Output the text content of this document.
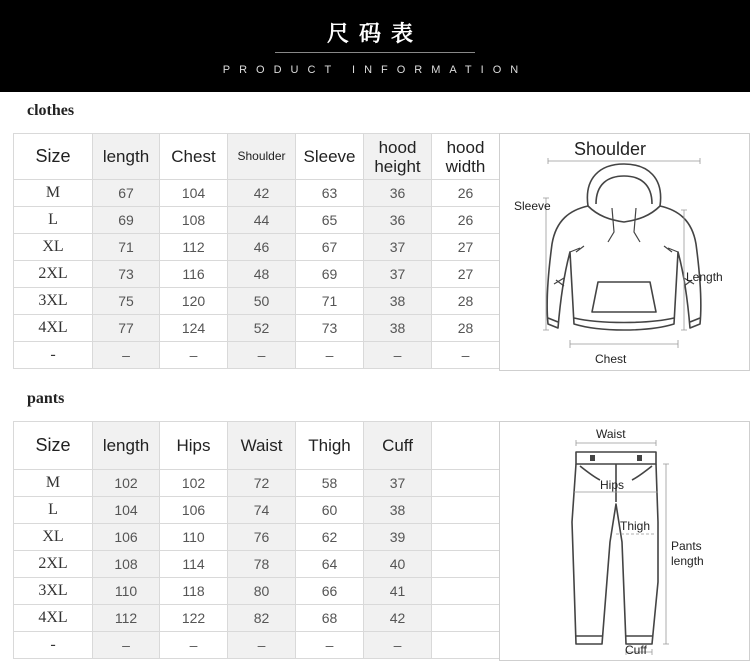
尺码表
PRODUCT INFORMATION
clothes
Size	length	Chest	Shoulder	Sleeve	hood height	hood width
M	67	104	42	63	36	26
L	69	108	44	65	36	26
XL	71	112	46	67	37	27
2XL	73	116	48	69	37	27
3XL	75	120	50	71	38	28
4XL	77	124	52	73	38	28
-	–	–	–	–	–	–
Shoulder
Sleeve
Length
Chest
pants
Size	length	Hips	Waist	Thigh	Cuff	
M	102	102	72	58	37	
L	104	106	74	60	38	
XL	106	110	76	62	39	
2XL	108	114	78	64	40	
3XL	110	118	80	66	41	
4XL	112	122	82	68	42	
-	–	–	–	–	–	
Waist
Hips
Thigh
Pants length
Cuff
